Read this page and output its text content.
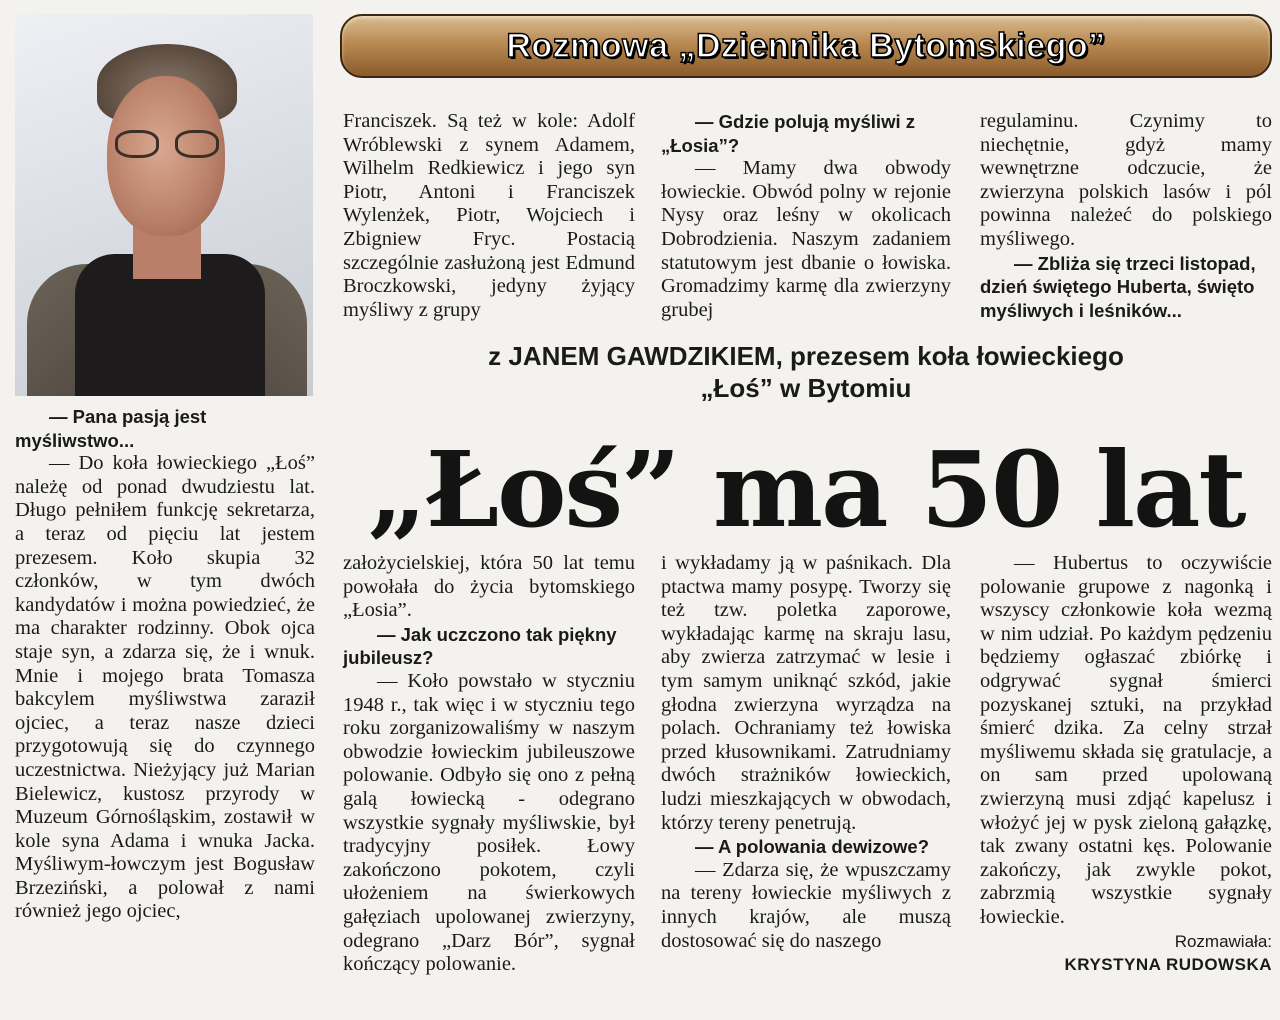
Rozmowa „Dziennika Bytomskiego”

— Pana pasją jest myśliwstwo...

— Do koła łowieckiego „Łoś” należę od ponad dwudziestu lat. Długo pełniłem funkcję sekretarza, a teraz od pięciu lat jestem prezesem. Koło skupia 32 członków, w tym dwóch kandydatów i można powiedzieć, że ma charakter rodzinny. Obok ojca staje syn, a zdarza się, że i wnuk. Mnie i mojego brata Tomasza bakcylem myśliwstwa zaraził ojciec, a teraz nasze dzieci przygotowują się do czynnego uczestnictwa. Nieżyjący już Marian Bielewicz, kustosz przyrody w Muzeum Górnośląskim, zostawił w kole syna Adama i wnuka Jacka. Myśliwym-łowczym jest Bogusław Brzeziński, a polował z nami również jego ojciec,

Franciszek. Są też w kole: Adolf Wróblewski z synem Adamem, Wilhelm Redkiewicz i jego syn Piotr, Antoni i Franciszek Wylenżek, Piotr, Wojciech i Zbigniew Fryc. Postacią szczególnie zasłużoną jest Edmund Broczkowski, jedyny żyjący myśliwy z grupy

— Gdzie polują myśliwi z „Łosia”?

— Mamy dwa obwody łowieckie. Obwód polny w rejonie Nysy oraz leśny w okolicach Dobrodzienia. Naszym zadaniem statutowym jest dbanie o łowiska. Gromadzimy karmę dla zwierzyny grubej

regulaminu. Czynimy to niechętnie, gdyż mamy wewnętrzne odczucie, że zwierzyna polskich lasów i pól powinna należeć do polskiego myśliwego.

— Zbliża się trzeci listopad, dzień świętego Huberta, święto myśliwych i leśników...

z JANEM GAWDZIKIEM, prezesem koła łowieckiego
„Łoś” w Bytomiu
„Łoś” ma 50 lat

założycielskiej, która 50 lat temu powołała do życia bytomskiego „Łosia”.

— Jak uczczono tak piękny jubileusz?

— Koło powstało w styczniu 1948 r., tak więc i w styczniu tego roku zorganizowaliśmy w naszym obwodzie łowieckim jubileuszowe polowanie. Odbyło się ono z pełną galą łowiecką - odegrano wszystkie sygnały myśliwskie, był tradycyjny posiłek. Łowy zakończono pokotem, czyli ułożeniem na świerkowych gałęziach upolowanej zwierzyny, odegrano „Darz Bór”, sygnał kończący polowanie.

i wykładamy ją w paśnikach. Dla ptactwa mamy posypę. Tworzy się też tzw. poletka zaporowe, wykładając karmę na skraju lasu, aby zwierza zatrzymać w lesie i tym samym uniknąć szkód, jakie głodna zwierzyna wyrządza na polach. Ochraniamy też łowiska przed kłusownikami. Zatrudniamy dwóch strażników łowieckich, ludzi mieszkających w obwodach, którzy tereny penetrują.

— A polowania dewizowe?

— Zdarza się, że wpuszczamy na tereny łowieckie myśliwych z innych krajów, ale muszą dostosować się do naszego

— Hubertus to oczywiście polowanie grupowe z nagonką i wszyscy członkowie koła wezmą w nim udział. Po każdym pędzeniu będziemy ogłaszać zbiórkę i odgrywać sygnał śmierci pozyskanej sztuki, na przykład śmierć dzika. Za celny strzał myśliwemu składa się gratulacje, a on sam przed upolowaną zwierzyną musi zdjąć kapelusz i włożyć jej w pysk zieloną gałązkę, tak zwany ostatni kęs. Polowanie zakończy, jak zwykle pokot, zabrzmią wszystkie sygnały łowieckie.

Rozmawiała:

KRYSTYNA RUDOWSKA
